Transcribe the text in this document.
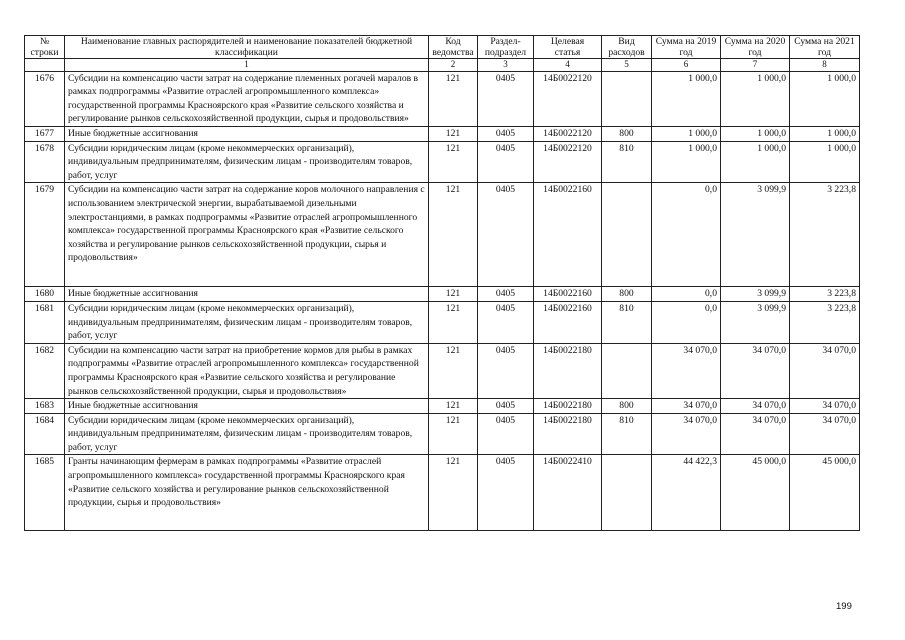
№ строки	Наименование главных распорядителей и наименование показателей бюджетной классификации	Код ведомства	Раздел-подраздел	Целевая статья	Вид расходов	Сумма на 2019 год	Сумма на 2020 год	Сумма на 2021 год
	1	2	3	4	5	6	7	8
1676	Субсидии на компенсацию части затрат на содержание племенных рогачей маралов в рамках подпрограммы «Развитие отраслей агропромышленного комплекса» государственной программы Красноярского края «Развитие сельского хозяйства и регулирование рынков сельскохозяйственной продукции, сырья и продовольствия»	121	0405	14Б0022120		1 000,0	1 000,0	1 000,0
1677	Иные бюджетные ассигнования	121	0405	14Б0022120	800	1 000,0	1 000,0	1 000,0
1678	Субсидии юридическим лицам (кроме некоммерческих организаций), индивидуальным предпринимателям, физическим лицам - производителям товаров, работ, услуг	121	0405	14Б0022120	810	1 000,0	1 000,0	1 000,0
1679	Субсидии на компенсацию части затрат на содержание коров молочного направления с использованием электрической энергии, вырабатываемой дизельными электростанциями, в рамках подпрограммы «Развитие отраслей агропромышленного комплекса» государственной программы Красноярского края «Развитие сельского хозяйства и регулирование рынков сельскохозяйственной продукции, сырья и продовольствия»	121	0405	14Б0022160		0,0	3 099,9	3 223,8
1680	Иные бюджетные ассигнования	121	0405	14Б0022160	800	0,0	3 099,9	3 223,8
1681	Субсидии юридическим лицам (кроме некоммерческих организаций), индивидуальным предпринимателям, физическим лицам - производителям товаров, работ, услуг	121	0405	14Б0022160	810	0,0	3 099,9	3 223,8
1682	Субсидии на компенсацию части затрат на приобретение кормов для рыбы в рамках подпрограммы «Развитие отраслей агропромышленного комплекса» государственной программы Красноярского края «Развитие сельского хозяйства и регулирование рынков сельскохозяйственной продукции, сырья и продовольствия»	121	0405	14Б0022180		34 070,0	34 070,0	34 070,0
1683	Иные бюджетные ассигнования	121	0405	14Б0022180	800	34 070,0	34 070,0	34 070,0
1684	Субсидии юридическим лицам (кроме некоммерческих организаций), индивидуальным предпринимателям, физическим лицам - производителям товаров, работ, услуг	121	0405	14Б0022180	810	34 070,0	34 070,0	34 070,0
1685	Гранты начинающим фермерам в рамках подпрограммы «Развитие отраслей агропромышленного комплекса» государственной программы Красноярского края «Развитие сельского хозяйства и регулирование рынков сельскохозяйственной продукции, сырья и продовольствия»	121	0405	14Б0022410		44 422,3	45 000,0	45 000,0
199
